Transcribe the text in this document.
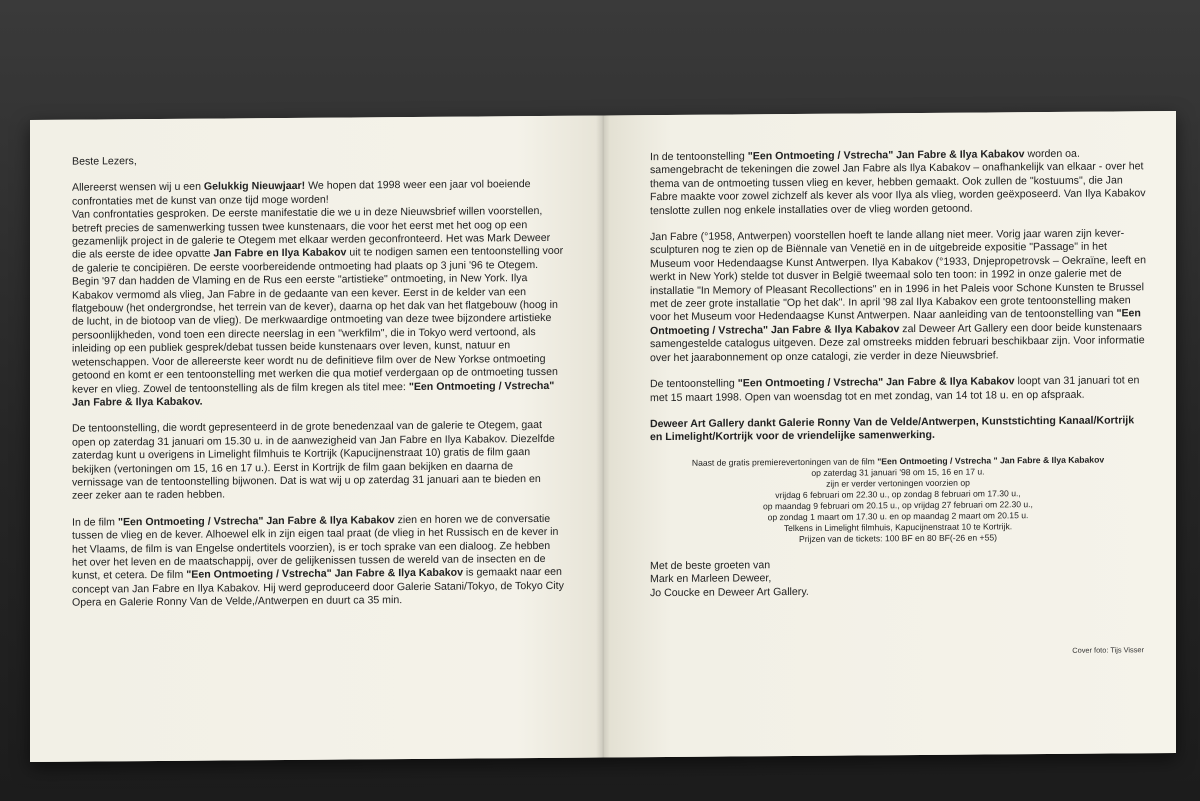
Beste Lezers,

Allereerst wensen wij u een Gelukkig Nieuwjaar! We hopen dat 1998 weer een jaar vol boeiende confrontaties met de kunst van onze tijd moge worden!

Van confrontaties gesproken. De eerste manifestatie die we u in deze Nieuwsbrief willen voorstellen, betreft precies de samenwerking tussen twee kunstenaars, die voor het eerst met het oog op een gezamenlijk project in de galerie te Otegem met elkaar werden geconfronteerd. Het was Mark Deweer die als eerste de idee opvatte Jan Fabre en Ilya Kabakov uit te nodigen samen een tentoonstelling voor de galerie te concipiëren. De eerste voorbereidende ontmoeting had plaats op 3 juni '96 te Otegem. Begin '97 dan hadden de Vlaming en de Rus een eerste "artistieke" ontmoeting, in New York. Ilya Kabakov vermomd als vlieg, Jan Fabre in de gedaante van een kever. Eerst in de kelder van een flatgebouw (het ondergrondse, het terrein van de kever), daarna op het dak van het flatgebouw (hoog in de lucht, in de biotoop van de vlieg). De merkwaardige ontmoeting van deze twee bijzondere artistieke persoonlijkheden, vond toen een directe neerslag in een "werkfilm", die in Tokyo werd vertoond, als inleiding op een publiek gesprek/debat tussen beide kunstenaars over leven, kunst, natuur en wetenschappen. Voor de allereerste keer wordt nu de definitieve film over de New Yorkse ontmoeting getoond en komt er een tentoonstelling met werken die qua motief verdergaan op de ontmoeting tussen kever en vlieg. Zowel de tentoonstelling als de film kregen als titel mee: "Een Ontmoeting / Vstrecha" Jan Fabre & Ilya Kabakov.

De tentoonstelling, die wordt gepresenteerd in de grote benedenzaal van de galerie te Otegem, gaat open op zaterdag 31 januari om 15.30 u. in de aanwezigheid van Jan Fabre en Ilya Kabakov. Diezelfde zaterdag kunt u overigens in Limelight filmhuis te Kortrijk (Kapucijnenstraat 10) gratis de film gaan bekijken (vertoningen om 15, 16 en 17 u.). Eerst in Kortrijk de film gaan bekijken en daarna de vernissage van de tentoonstelling bijwonen. Dat is wat wij u op zaterdag 31 januari aan te bieden en zeer zeker aan te raden hebben.

In de film "Een Ontmoeting / Vstrecha" Jan Fabre & Ilya Kabakov zien en horen we de conversatie tussen de vlieg en de kever. Alhoewel elk in zijn eigen taal praat (de vlieg in het Russisch en de kever in het Vlaams, de film is van Engelse ondertitels voorzien), is er toch sprake van een dialoog. Ze hebben het over het leven en de maatschappij, over de gelijkenissen tussen de wereld van de insecten en de kunst, et cetera. De film "Een Ontmoeting / Vstrecha" Jan Fabre & Ilya Kabakov is gemaakt naar een concept van Jan Fabre en Ilya Kabakov. Hij werd geproduceerd door Galerie Satani/Tokyo, de Tokyo City Opera en Galerie Ronny Van de Velde,/Antwerpen en duurt ca 35 min.

In de tentoonstelling "Een Ontmoeting / Vstrecha" Jan Fabre & Ilya Kabakov worden oa. samengebracht de tekeningen die zowel Jan Fabre als Ilya Kabakov – onafhankelijk van elkaar - over het thema van de ontmoeting tussen vlieg en kever, hebben gemaakt. Ook zullen de "kostuums", die Jan Fabre maakte voor zowel zichzelf als kever als voor Ilya als vlieg, worden geëxposeerd. Van Ilya Kabakov tenslotte zullen nog enkele installaties over de vlieg worden getoond.

Jan Fabre (°1958, Antwerpen) voorstellen hoeft te lande allang niet meer. Vorig jaar waren zijn kever-sculpturen nog te zien op de Biënnale van Venetië en in de uitgebreide expositie "Passage" in het Museum voor Hedendaagse Kunst Antwerpen. Ilya Kabakov (°1933, Dnjepropetrovsk – Oekraïne, leeft en werkt in New York) stelde tot dusver in België tweemaal solo ten toon: in 1992 in onze galerie met de installatie "In Memory of Pleasant Recollections" en in 1996 in het Paleis voor Schone Kunsten te Brussel met de zeer grote installatie "Op het dak". In april '98 zal Ilya Kabakov een grote tentoonstelling maken voor het Museum voor Hedendaagse Kunst Antwerpen. Naar aanleiding van de tentoonstelling van "Een Ontmoeting / Vstrecha" Jan Fabre & Ilya Kabakov zal Deweer Art Gallery een door beide kunstenaars samengestelde catalogus uitgeven. Deze zal omstreeks midden februari beschikbaar zijn. Voor informatie over het jaarabonnement op onze catalogi, zie verder in deze Nieuwsbrief.

De tentoonstelling "Een Ontmoeting / Vstrecha" Jan Fabre & Ilya Kabakov loopt van 31 januari tot en met 15 maart 1998. Open van woensdag tot en met zondag, van 14 tot 18 u. en op afspraak.

Deweer Art Gallery dankt Galerie Ronny Van de Velde/Antwerpen, Kunststichting Kanaal/Kortrijk en Limelight/Kortrijk voor de vriendelijke samenwerking.

Naast de gratis premierevertoningen van de film "Een Ontmoeting / Vstrecha " Jan Fabre & Ilya Kabakov
op zaterdag 31 januari '98 om 15, 16 en 17 u.
zijn er verder vertoningen voorzien op
vrijdag 6 februari om 22.30 u., op zondag 8 februari om 17.30 u.,
op maandag 9 februari om 20.15 u., op vrijdag 27 februari om 22.30 u.,
op zondag 1 maart om 17.30 u. en op maandag 2 maart om 20.15 u.
Telkens in Limelight filmhuis, Kapucijnenstraat 10 te Kortrijk.
Prijzen van de tickets: 100 BF en 80 BF(-26 en +55)
Met de beste groeten van
Mark en Marleen Deweer,
Jo Coucke en Deweer Art Gallery.
Cover foto: Tijs Visser
